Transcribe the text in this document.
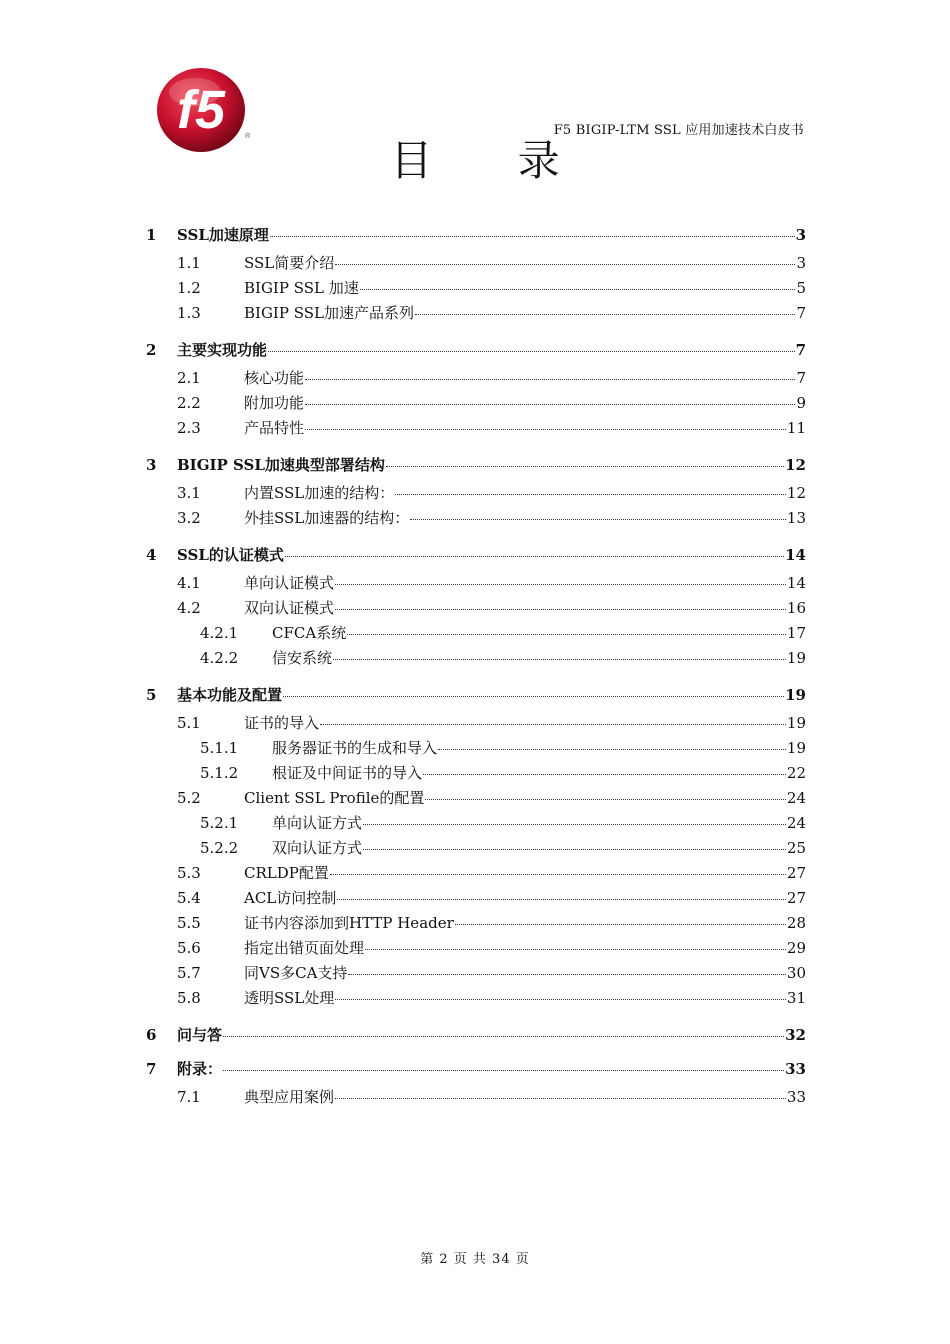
f5	®	F5 BIGIP-LTM SSL 应用加速技术白皮书
目 录
1	SSL加速原理	3
1.1	SSL简要介绍	3
1.2	BIGIP SSL 加速	5
1.3	BIGIP SSL加速产品系列	7
2	主要实现功能	7
2.1	核心功能	7
2.2	附加功能	9
2.3	产品特性	11
3	BIGIP SSL加速典型部署结构	12
3.1	内置SSL加速的结构：	12
3.2	外挂SSL加速器的结构：	13
4	SSL的认证模式	14
4.1	单向认证模式	14
4.2	双向认证模式	16
4.2.1	CFCA系统	17
4.2.2	信安系统	19
5	基本功能及配置	19
5.1	证书的导入	19
5.1.1	服务器证书的生成和导入	19
5.1.2	根证及中间证书的导入	22
5.2	Client SSL Profile的配置	24
5.2.1	单向认证方式	24
5.2.2	双向认证方式	25
5.3	CRLDP配置	27
5.4	ACL访问控制	27
5.5	证书内容添加到HTTP Header	28
5.6	指定出错页面处理	29
5.7	同VS多CA支持	30
5.8	透明SSL处理	31
6	问与答	32
7	附录：	33
7.1	典型应用案例	33
第 2 页 共 34 页
